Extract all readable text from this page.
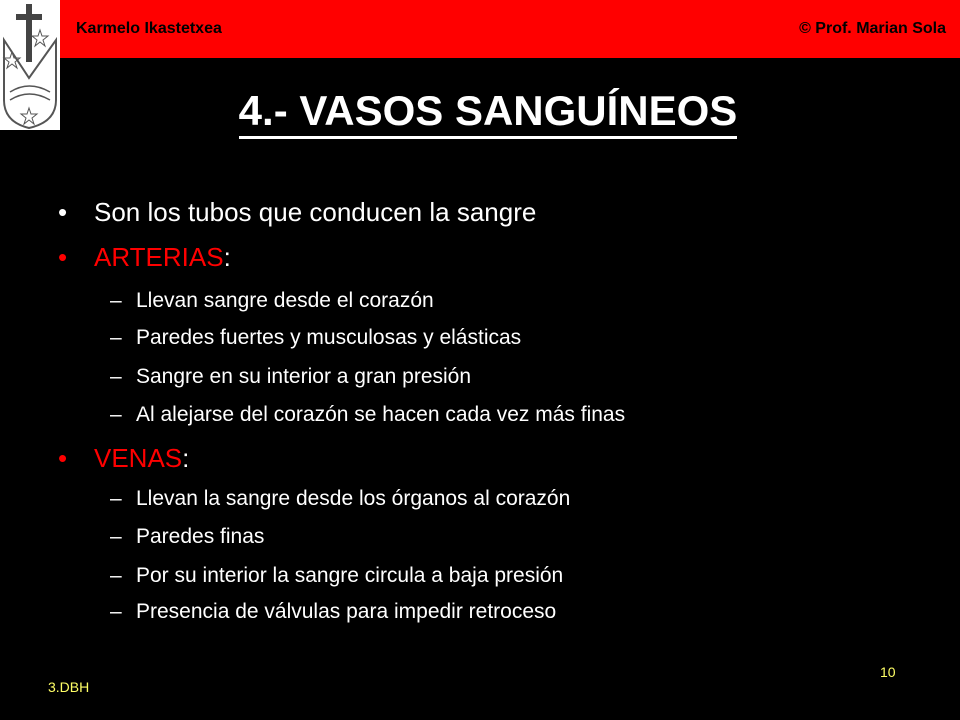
Karmelo Ikastetxea	© Prof. Marian Sola
4.- VASOS SANGUÍNEOS
• Son los tubos que conducen la sangre
• ARTERIAS:
– Llevan sangre desde el corazón
– Paredes fuertes y musculosas y elásticas
– Sangre en su interior a gran presión
– Al alejarse del corazón se hacen cada vez más finas
• VENAS:
– Llevan la sangre desde los órganos al corazón
– Paredes finas
– Por su interior la sangre circula a baja presión
– Presencia de válvulas para impedir retroceso
3.DBH
10
